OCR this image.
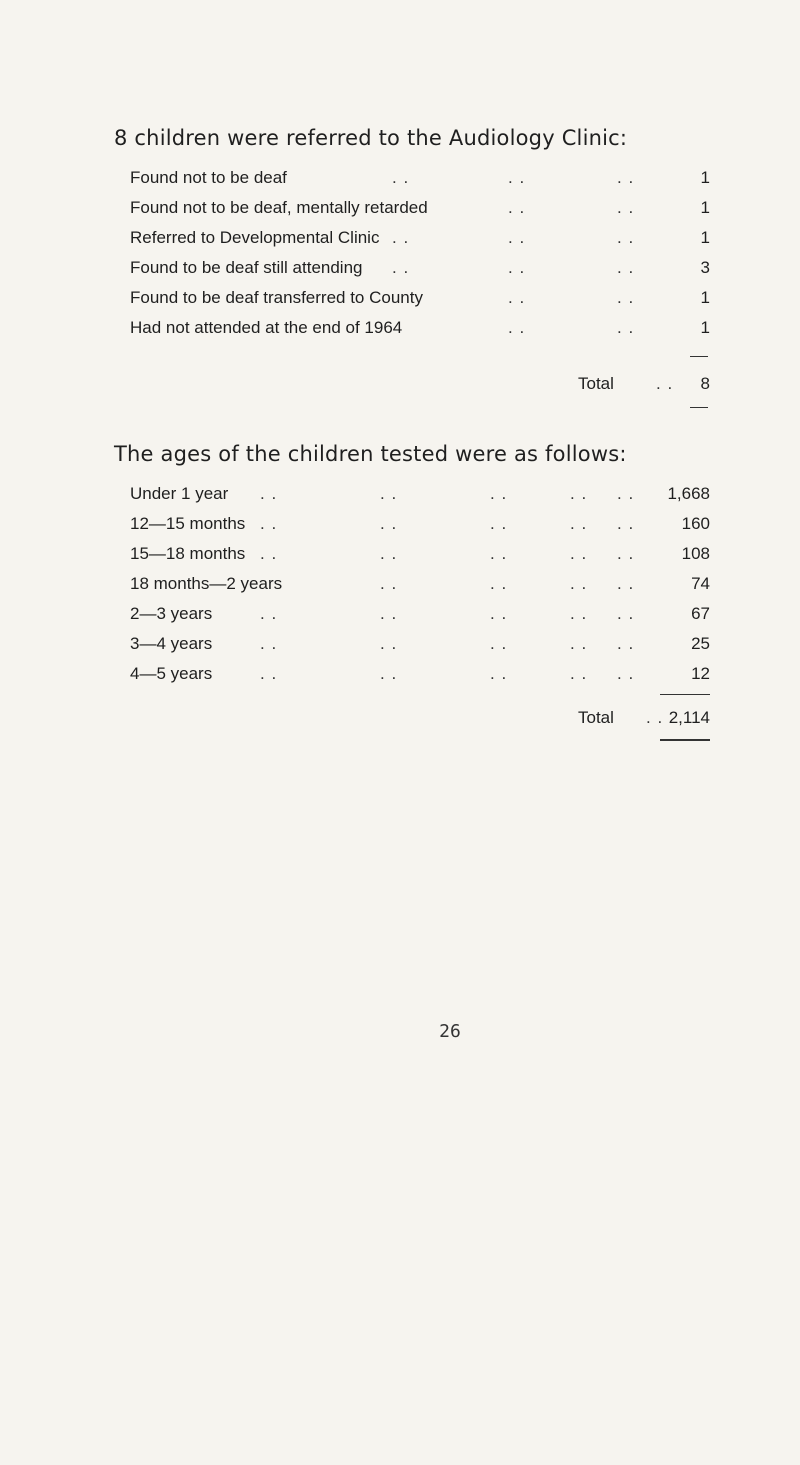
8 children were referred to the Audiology Clinic:
Found not to be deaf	. .	. .	. .	1
Found not to be deaf, mentally retarded	. .	. .	1
Referred to Developmental Clinic . .	. .	. .	1
Found to be deaf still attending . .	. .	. .	3
Found to be deaf transferred to County	. .	. .	1
Had not attended at the end of 1964	. .	. .	1
Total . .	8
The ages of the children tested were as follows:
Under 1 year . .	. .	. .	. . . . 1,668
12—15 months . .	. .	. .	. . . .	160
15—18 months . .	. .	. .	. . . .	108
18 months—2 years	. .	. .	. . . .	74
2—3 years	. .	. .	. .	. . . .	67
3—4 years	. .	. .	. .	. . . .	25
4—5 years	. .	. .	. .	. . . .	12
Total . . 2,114
26
